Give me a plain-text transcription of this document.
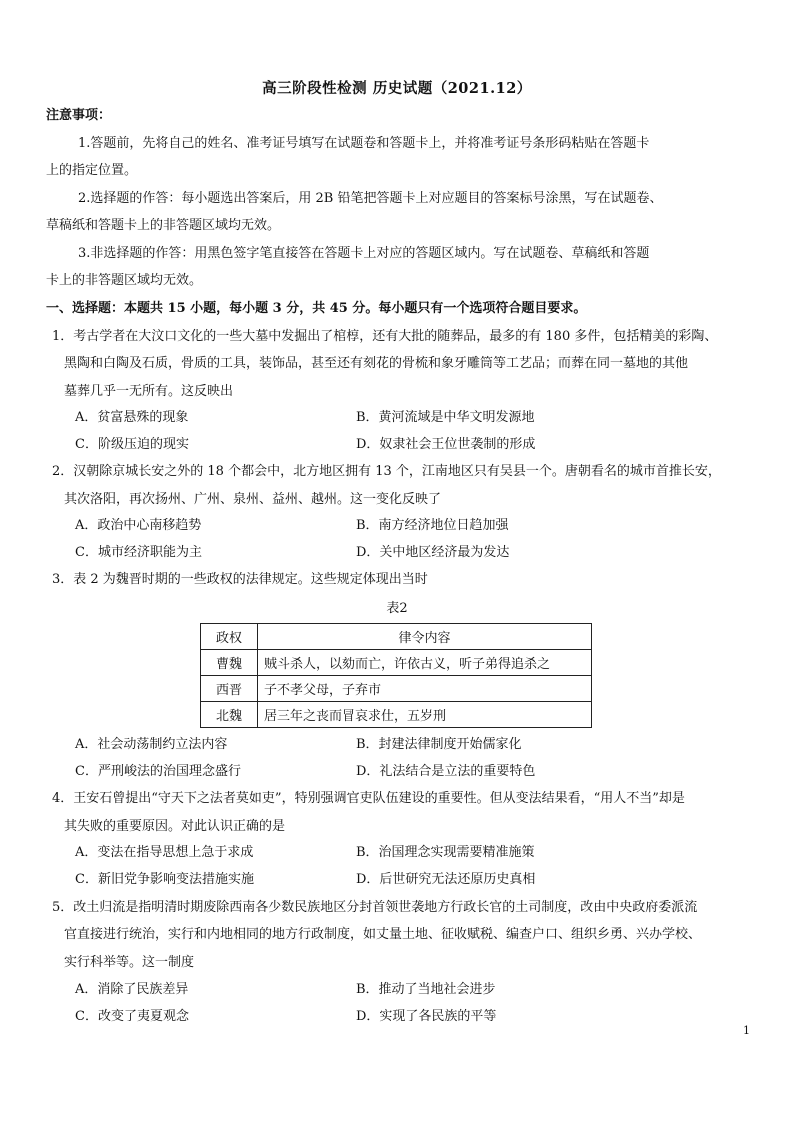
高三阶段性检测 历史试题（2021.12）
注意事项：
1.答题前，先将自己的姓名、准考证号填写在试题卷和答题卡上，并将准考证号条形码粘贴在答题卡
上的指定位置。
2.选择题的作答：每小题选出答案后，用 2B 铅笔把答题卡上对应题目的答案标号涂黑，写在试题卷、
草稿纸和答题卡上的非答题区域均无效。
3.非选择题的作答：用黑色签字笔直接答在答题卡上对应的答题区域内。写在试题卷、草稿纸和答题
卡上的非答题区域均无效。
一、选择题：本题共 15 小题，每小题 3 分，共 45 分。每小题只有一个选项符合题目要求。
1．考古学者在大汶口文化的一些大墓中发掘出了棺椁，还有大批的随葬品，最多的有 180 多件，包括精美的彩陶、
黑陶和白陶及石质，骨质的工具，装饰品，甚至还有刻花的骨梳和象牙雕筒等工艺品；而葬在同一墓地的其他
墓葬几乎一无所有。这反映出
A．贫富悬殊的现象	B．黄河流域是中华文明发源地
C．阶级压迫的现实	D．奴隶社会王位世袭制的形成
2．汉朝除京城长安之外的 18 个都会中，北方地区拥有 13 个，江南地区只有吴县一个。唐朝看名的城市首推长安，
其次洛阳，再次扬州、广州、泉州、益州、越州。这一变化反映了
A．政治中心南移趋势	B．南方经济地位日趋加强
C．城市经济职能为主	D．关中地区经济最为发达
3．表 2 为魏晋时期的一些政权的法律规定。这些规定体现出当时
表2
政权	律令内容
曹魏	贼斗杀人，以劾而亡，许依古义，听子弟得追杀之
西晋	子不孝父母，子弃市
北魏	居三年之丧而冒哀求仕，五岁刑
A．社会动荡制约立法内容	B．封建法律制度开始儒家化
C．严刑峻法的治国理念盛行	D．礼法结合是立法的重要特色
4．王安石曾提出“守天下之法者莫如吏”，特别强调官吏队伍建设的重要性。但从变法结果看，“用人不当”却是
其失败的重要原因。对此认识正确的是
A．变法在指导思想上急于求成	B．治国理念实现需要精准施策
C．新旧党争影响变法措施实施	D．后世研究无法还原历史真相
5．改土归流是指明清时期废除西南各少数民族地区分封首领世袭地方行政长官的土司制度，改由中央政府委派流
官直接进行统治，实行和内地相同的地方行政制度，如丈量土地、征收赋税、编查户口、组织乡勇、兴办学校、
实行科举等。这一制度
A．消除了民族差异	B．推动了当地社会进步
C．改变了夷夏观念	D．实现了各民族的平等
1
